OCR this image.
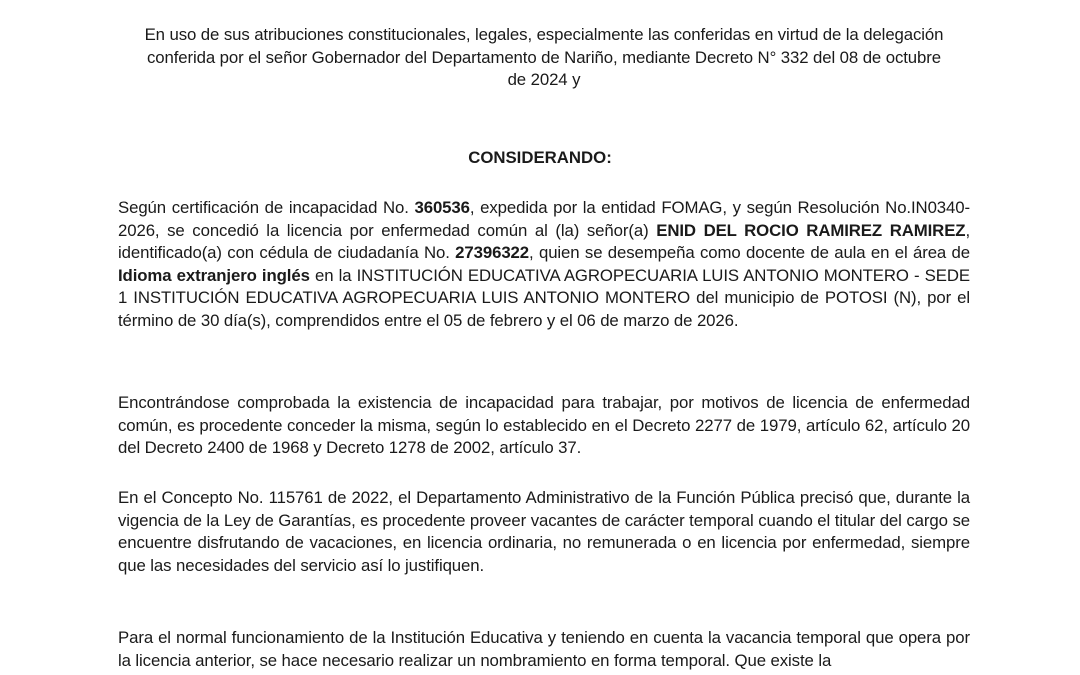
En uso de sus atribuciones constitucionales, legales, especialmente las conferidas en virtud de la delegación
conferida por el señor Gobernador del Departamento de Nariño, mediante Decreto N° 332 del 08 de octubre
de 2024 y
CONSIDERANDO:
Según certificación de incapacidad No. 360536, expedida por la entidad FOMAG, y según Resolución No.IN0340-2026, se concedió la licencia por enfermedad común al (la) señor(a) ENID DEL ROCIO RAMIREZ RAMIREZ, identificado(a) con cédula de ciudadanía No. 27396322, quien se desempeña como docente de aula en el área de Idioma extranjero inglés en la INSTITUCIÓN EDUCATIVA AGROPECUARIA LUIS ANTONIO MONTERO - SEDE 1 INSTITUCIÓN EDUCATIVA AGROPECUARIA LUIS ANTONIO MONTERO del municipio de POTOSI (N), por el término de 30 día(s), comprendidos entre el 05 de febrero y el 06 de marzo de 2026.
Encontrándose comprobada la existencia de incapacidad para trabajar, por motivos de licencia de enfermedad común, es procedente conceder la misma, según lo establecido en el Decreto 2277 de 1979, artículo 62, artículo 20 del Decreto 2400 de 1968 y Decreto 1278 de 2002, artículo 37.
En el Concepto No. 115761 de 2022, el Departamento Administrativo de la Función Pública precisó que, durante la vigencia de la Ley de Garantías, es procedente proveer vacantes de carácter temporal cuando el titular del cargo se encuentre disfrutando de vacaciones, en licencia ordinaria, no remunerada o en licencia por enfermedad, siempre que las necesidades del servicio así lo justifiquen.
Para el normal funcionamiento de la Institución Educativa y teniendo en cuenta la vacancia temporal que opera por la licencia anterior, se hace necesario realizar un nombramiento en forma temporal. Que existe la
